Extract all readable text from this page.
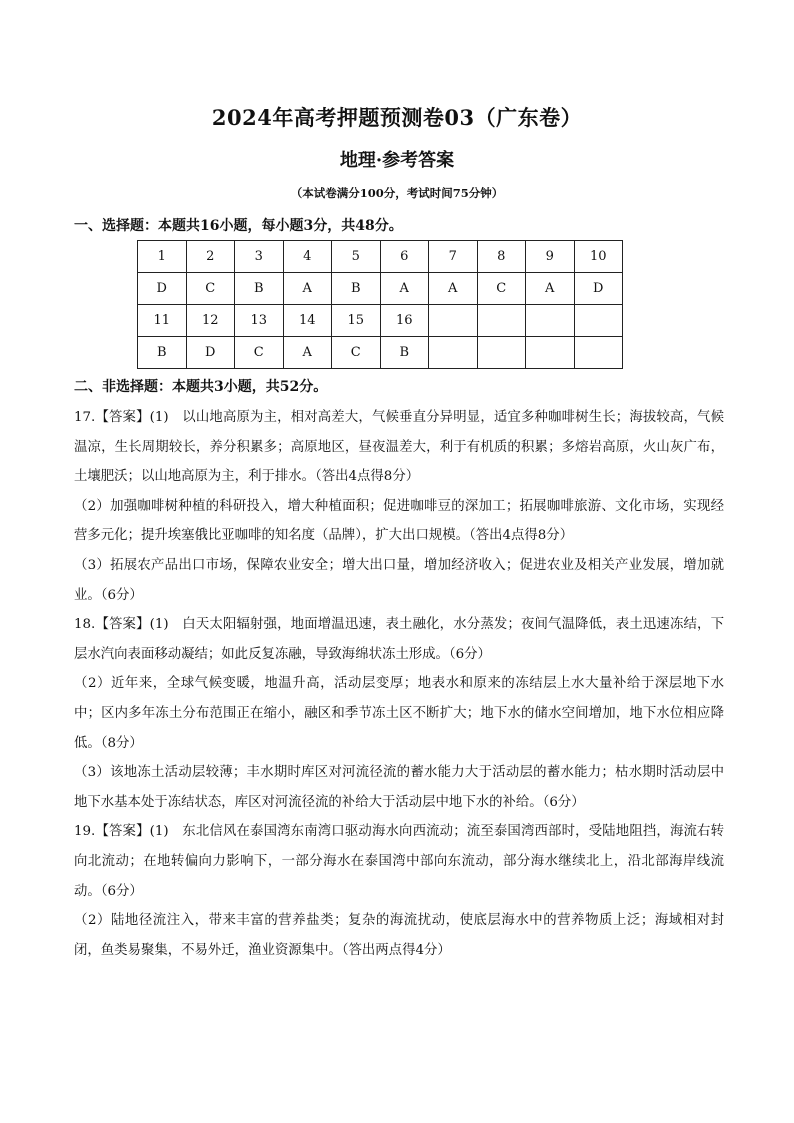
2024年高考押题预测卷03（广东卷）
地理·参考答案
（本试卷满分100分，考试时间75分钟）
一、选择题：本题共16小题，每小题3分，共48分。
1	2	3	4	5	6	7	8	9	10
D	C	B	A	B	A	A	C	A	D
11	12	13	14	15	16				
B	D	C	A	C	B				
二、非选择题：本题共3小题，共52分。

17.【答案】(1)　以山地高原为主，相对高差大，气候垂直分异明显，适宜多种咖啡树生长；海拔较高，气候温凉，生长周期较长，养分积累多；高原地区，昼夜温差大，利于有机质的积累；多熔岩高原，火山灰广布，土壤肥沃；以山地高原为主，利于排水。（答出4点得8分）

（2）加强咖啡树种植的科研投入，增大种植面积；促进咖啡豆的深加工；拓展咖啡旅游、文化市场，实现经营多元化；提升埃塞俄比亚咖啡的知名度（品牌），扩大出口规模。（答出4点得8分）

（3）拓展农产品出口市场，保障农业安全；增大出口量，增加经济收入；促进农业及相关产业发展，增加就业。（6分）

18.【答案】(1)　白天太阳辐射强，地面增温迅速，表土融化，水分蒸发；夜间气温降低，表土迅速冻结，下层水汽向表面移动凝结；如此反复冻融，导致海绵状冻土形成。（6分）

（2）近年来，全球气候变暖，地温升高，活动层变厚；地表水和原来的冻结层上水大量补给于深层地下水中；区内多年冻土分布范围正在缩小，融区和季节冻土区不断扩大；地下水的储水空间增加，地下水位相应降低。（8分）

（3）该地冻土活动层较薄；丰水期时库区对河流径流的蓄水能力大于活动层的蓄水能力；枯水期时活动层中地下水基本处于冻结状态，库区对河流径流的补给大于活动层中地下水的补给。（6分）

19.【答案】(1)　东北信风在泰国湾东南湾口驱动海水向西流动；流至泰国湾西部时，受陆地阻挡，海流右转向北流动；在地转偏向力影响下，一部分海水在泰国湾中部向东流动，部分海水继续北上，沿北部海岸线流动。（6分）

（2）陆地径流注入，带来丰富的营养盐类；复杂的海流扰动，使底层海水中的营养物质上泛；海域相对封闭，鱼类易聚集，不易外迁，渔业资源集中。（答出两点得4分）
